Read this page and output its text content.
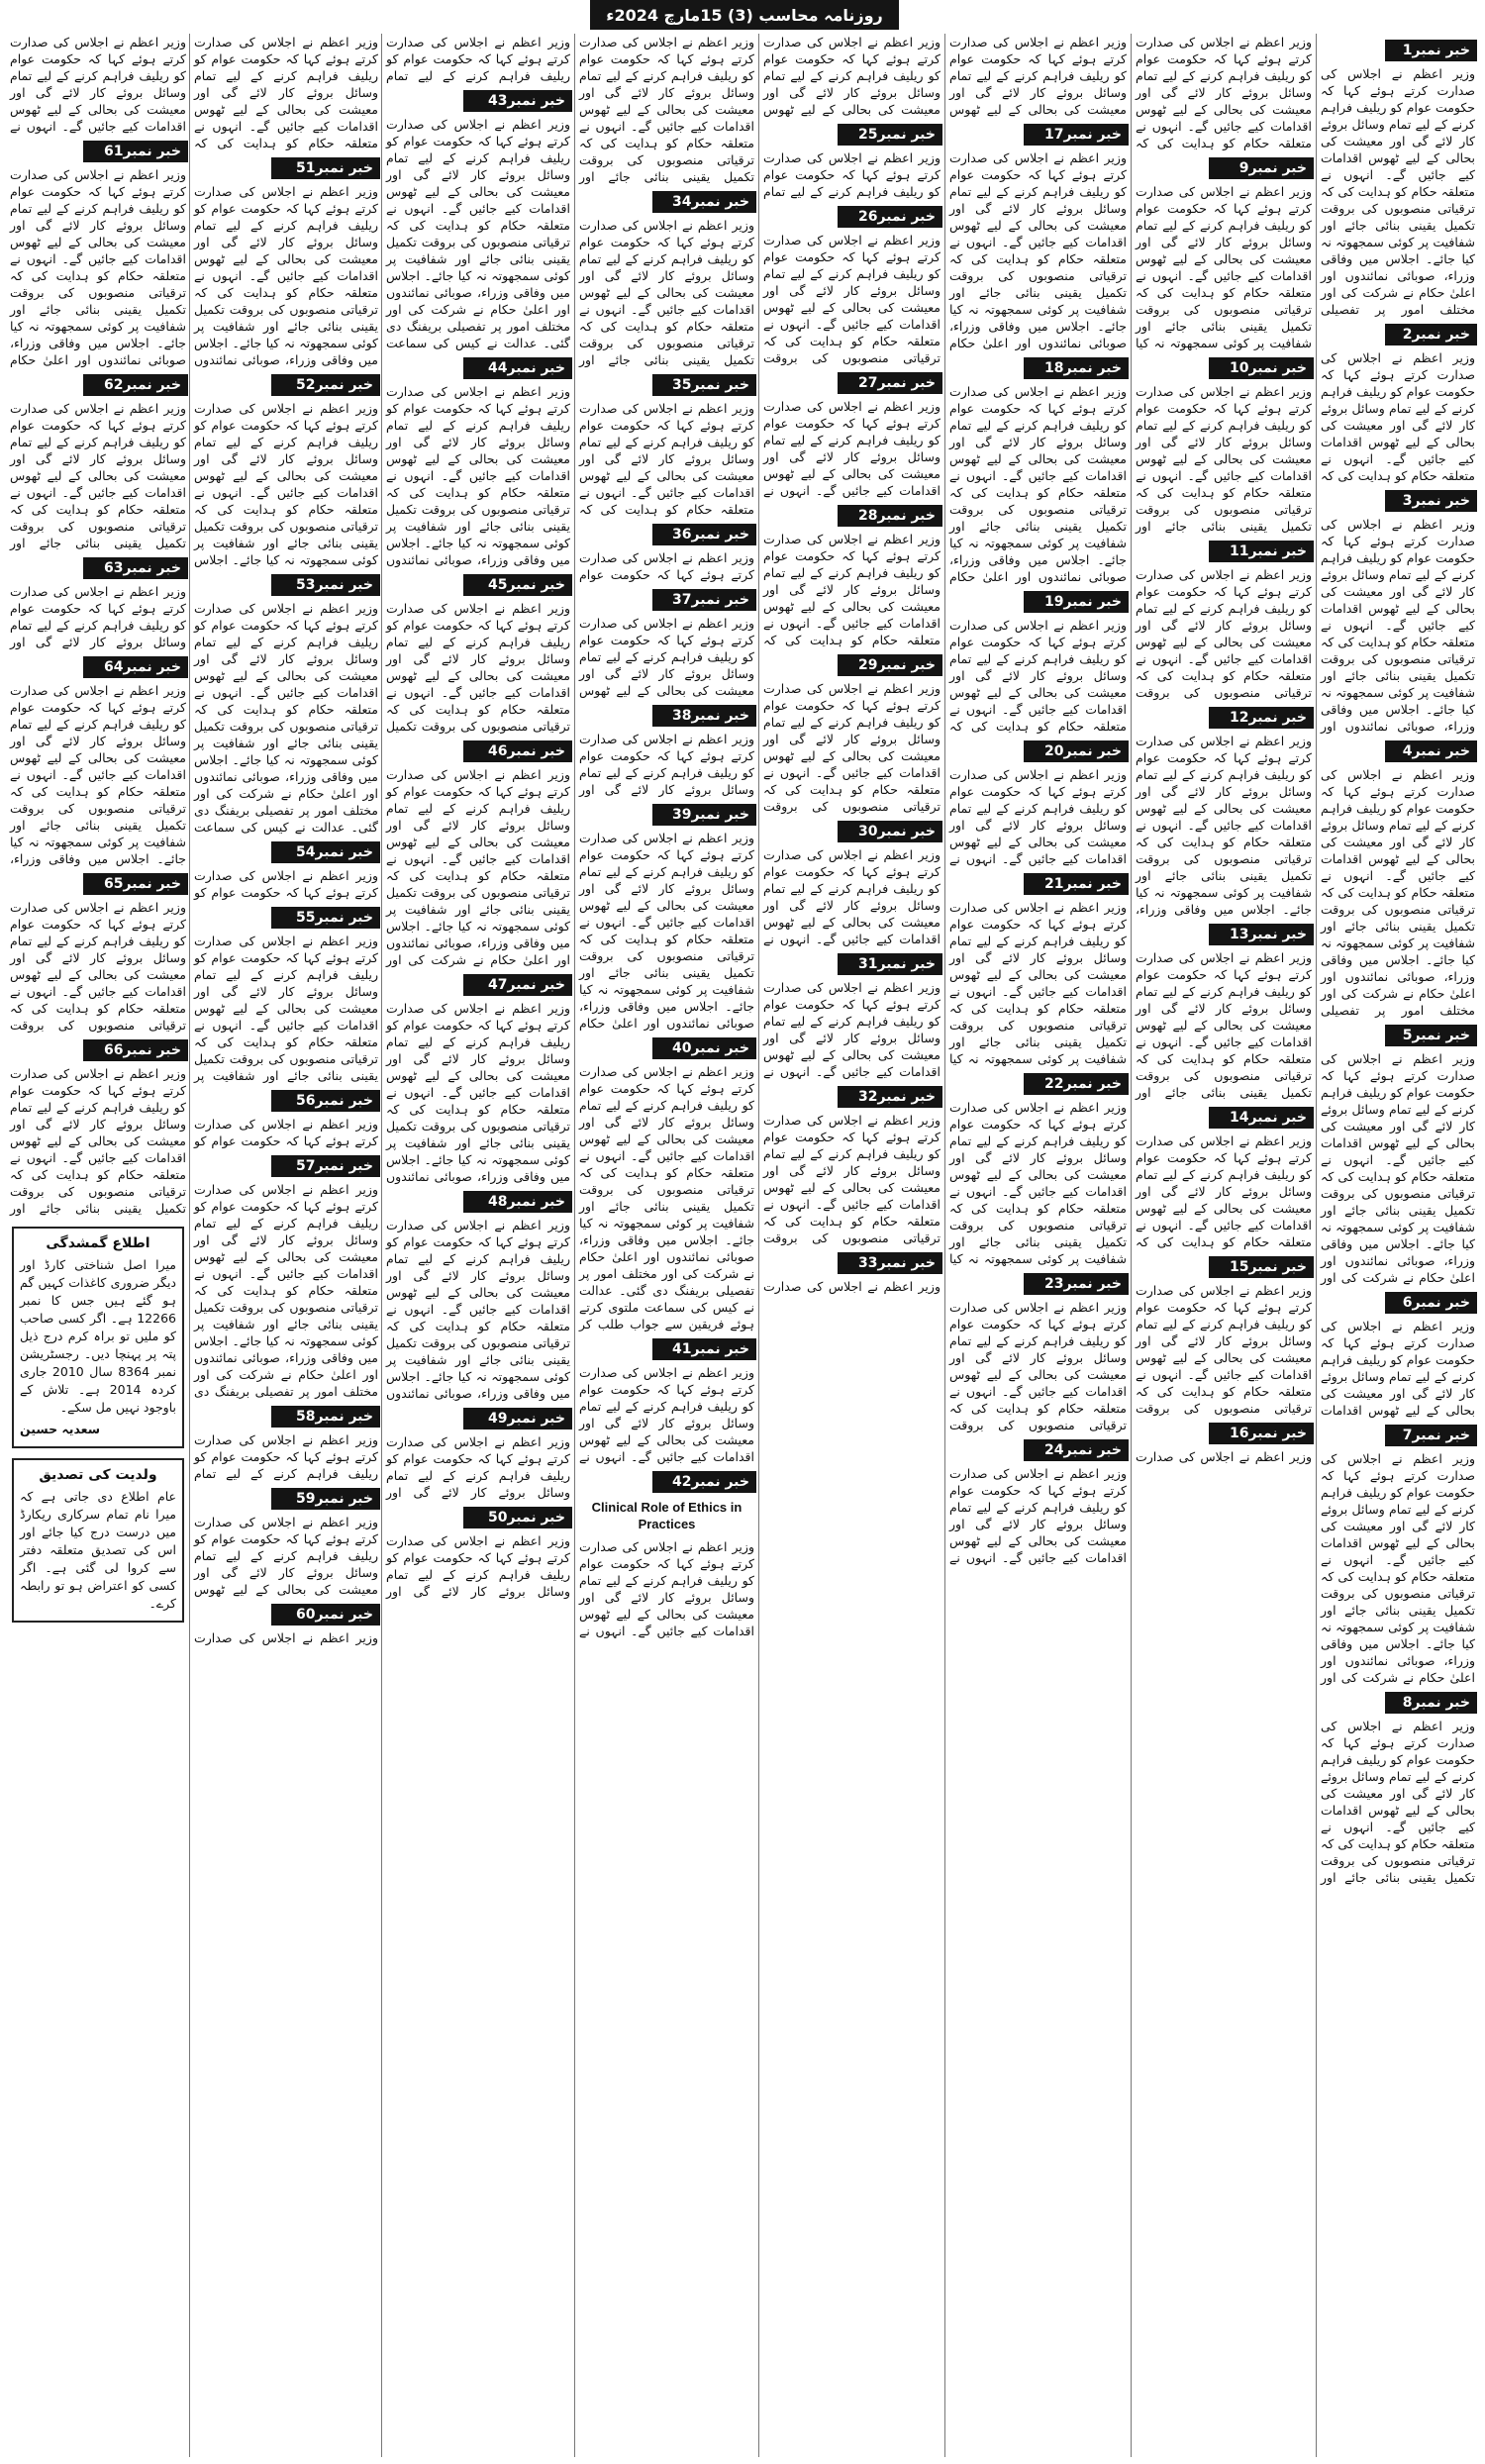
روزنامہ محاسب (3) 15مارچ 2024ء
خبر نمبر1

وزیر اعظم نے اجلاس کی صدارت کرتے ہوئے کہا کہ حکومت عوام کو ریلیف فراہم کرنے کے لیے تمام وسائل بروئے کار لائے گی اور معیشت کی بحالی کے لیے ٹھوس اقدامات کیے جائیں گے۔ انہوں نے متعلقہ حکام کو ہدایت کی کہ ترقیاتی منصوبوں کی بروقت تکمیل یقینی بنائی جائے اور شفافیت پر کوئی سمجھوتہ نہ کیا جائے۔ اجلاس میں وفاقی وزراء، صوبائی نمائندوں اور اعلیٰ حکام نے شرکت کی اور مختلف امور پر تفصیلی

خبر نمبر2

وزیر اعظم نے اجلاس کی صدارت کرتے ہوئے کہا کہ حکومت عوام کو ریلیف فراہم کرنے کے لیے تمام وسائل بروئے کار لائے گی اور معیشت کی بحالی کے لیے ٹھوس اقدامات کیے جائیں گے۔ انہوں نے متعلقہ حکام کو ہدایت کی کہ

خبر نمبر3

وزیر اعظم نے اجلاس کی صدارت کرتے ہوئے کہا کہ حکومت عوام کو ریلیف فراہم کرنے کے لیے تمام وسائل بروئے کار لائے گی اور معیشت کی بحالی کے لیے ٹھوس اقدامات کیے جائیں گے۔ انہوں نے متعلقہ حکام کو ہدایت کی کہ ترقیاتی منصوبوں کی بروقت تکمیل یقینی بنائی جائے اور شفافیت پر کوئی سمجھوتہ نہ کیا جائے۔ اجلاس میں وفاقی وزراء، صوبائی نمائندوں اور

خبر نمبر4

وزیر اعظم نے اجلاس کی صدارت کرتے ہوئے کہا کہ حکومت عوام کو ریلیف فراہم کرنے کے لیے تمام وسائل بروئے کار لائے گی اور معیشت کی بحالی کے لیے ٹھوس اقدامات کیے جائیں گے۔ انہوں نے متعلقہ حکام کو ہدایت کی کہ ترقیاتی منصوبوں کی بروقت تکمیل یقینی بنائی جائے اور شفافیت پر کوئی سمجھوتہ نہ کیا جائے۔ اجلاس میں وفاقی وزراء، صوبائی نمائندوں اور اعلیٰ حکام نے شرکت کی اور مختلف امور پر تفصیلی

خبر نمبر5

وزیر اعظم نے اجلاس کی صدارت کرتے ہوئے کہا کہ حکومت عوام کو ریلیف فراہم کرنے کے لیے تمام وسائل بروئے کار لائے گی اور معیشت کی بحالی کے لیے ٹھوس اقدامات کیے جائیں گے۔ انہوں نے متعلقہ حکام کو ہدایت کی کہ ترقیاتی منصوبوں کی بروقت تکمیل یقینی بنائی جائے اور شفافیت پر کوئی سمجھوتہ نہ کیا جائے۔ اجلاس میں وفاقی وزراء، صوبائی نمائندوں اور اعلیٰ حکام نے شرکت کی اور

خبر نمبر6

وزیر اعظم نے اجلاس کی صدارت کرتے ہوئے کہا کہ حکومت عوام کو ریلیف فراہم کرنے کے لیے تمام وسائل بروئے کار لائے گی اور معیشت کی بحالی کے لیے ٹھوس اقدامات

خبر نمبر7

وزیر اعظم نے اجلاس کی صدارت کرتے ہوئے کہا کہ حکومت عوام کو ریلیف فراہم کرنے کے لیے تمام وسائل بروئے کار لائے گی اور معیشت کی بحالی کے لیے ٹھوس اقدامات کیے جائیں گے۔ انہوں نے متعلقہ حکام کو ہدایت کی کہ ترقیاتی منصوبوں کی بروقت تکمیل یقینی بنائی جائے اور شفافیت پر کوئی سمجھوتہ نہ کیا جائے۔ اجلاس میں وفاقی وزراء، صوبائی نمائندوں اور اعلیٰ حکام نے شرکت کی اور

خبر نمبر8

وزیر اعظم نے اجلاس کی صدارت کرتے ہوئے کہا کہ حکومت عوام کو ریلیف فراہم کرنے کے لیے تمام وسائل بروئے کار لائے گی اور معیشت کی بحالی کے لیے ٹھوس اقدامات کیے جائیں گے۔ انہوں نے متعلقہ حکام کو ہدایت کی کہ ترقیاتی منصوبوں کی بروقت تکمیل یقینی بنائی جائے اور

وزیر اعظم نے اجلاس کی صدارت کرتے ہوئے کہا کہ حکومت عوام کو ریلیف فراہم کرنے کے لیے تمام وسائل بروئے کار لائے گی اور معیشت کی بحالی کے لیے ٹھوس اقدامات کیے جائیں گے۔ انہوں نے متعلقہ حکام کو ہدایت کی کہ

خبر نمبر9

وزیر اعظم نے اجلاس کی صدارت کرتے ہوئے کہا کہ حکومت عوام کو ریلیف فراہم کرنے کے لیے تمام وسائل بروئے کار لائے گی اور معیشت کی بحالی کے لیے ٹھوس اقدامات کیے جائیں گے۔ انہوں نے متعلقہ حکام کو ہدایت کی کہ ترقیاتی منصوبوں کی بروقت تکمیل یقینی بنائی جائے اور شفافیت پر کوئی سمجھوتہ نہ کیا

خبر نمبر10

وزیر اعظم نے اجلاس کی صدارت کرتے ہوئے کہا کہ حکومت عوام کو ریلیف فراہم کرنے کے لیے تمام وسائل بروئے کار لائے گی اور معیشت کی بحالی کے لیے ٹھوس اقدامات کیے جائیں گے۔ انہوں نے متعلقہ حکام کو ہدایت کی کہ ترقیاتی منصوبوں کی بروقت تکمیل یقینی بنائی جائے اور

خبر نمبر11

وزیر اعظم نے اجلاس کی صدارت کرتے ہوئے کہا کہ حکومت عوام کو ریلیف فراہم کرنے کے لیے تمام وسائل بروئے کار لائے گی اور معیشت کی بحالی کے لیے ٹھوس اقدامات کیے جائیں گے۔ انہوں نے متعلقہ حکام کو ہدایت کی کہ ترقیاتی منصوبوں کی بروقت

خبر نمبر12

وزیر اعظم نے اجلاس کی صدارت کرتے ہوئے کہا کہ حکومت عوام کو ریلیف فراہم کرنے کے لیے تمام وسائل بروئے کار لائے گی اور معیشت کی بحالی کے لیے ٹھوس اقدامات کیے جائیں گے۔ انہوں نے متعلقہ حکام کو ہدایت کی کہ ترقیاتی منصوبوں کی بروقت تکمیل یقینی بنائی جائے اور شفافیت پر کوئی سمجھوتہ نہ کیا جائے۔ اجلاس میں وفاقی وزراء،

خبر نمبر13

وزیر اعظم نے اجلاس کی صدارت کرتے ہوئے کہا کہ حکومت عوام کو ریلیف فراہم کرنے کے لیے تمام وسائل بروئے کار لائے گی اور معیشت کی بحالی کے لیے ٹھوس اقدامات کیے جائیں گے۔ انہوں نے متعلقہ حکام کو ہدایت کی کہ ترقیاتی منصوبوں کی بروقت تکمیل یقینی بنائی جائے اور

خبر نمبر14

وزیر اعظم نے اجلاس کی صدارت کرتے ہوئے کہا کہ حکومت عوام کو ریلیف فراہم کرنے کے لیے تمام وسائل بروئے کار لائے گی اور معیشت کی بحالی کے لیے ٹھوس اقدامات کیے جائیں گے۔ انہوں نے متعلقہ حکام کو ہدایت کی کہ

خبر نمبر15

وزیر اعظم نے اجلاس کی صدارت کرتے ہوئے کہا کہ حکومت عوام کو ریلیف فراہم کرنے کے لیے تمام وسائل بروئے کار لائے گی اور معیشت کی بحالی کے لیے ٹھوس اقدامات کیے جائیں گے۔ انہوں نے متعلقہ حکام کو ہدایت کی کہ ترقیاتی منصوبوں کی بروقت

خبر نمبر16

وزیر اعظم نے اجلاس کی صدارت

وزیر اعظم نے اجلاس کی صدارت کرتے ہوئے کہا کہ حکومت عوام کو ریلیف فراہم کرنے کے لیے تمام وسائل بروئے کار لائے گی اور معیشت کی بحالی کے لیے ٹھوس

خبر نمبر17

وزیر اعظم نے اجلاس کی صدارت کرتے ہوئے کہا کہ حکومت عوام کو ریلیف فراہم کرنے کے لیے تمام وسائل بروئے کار لائے گی اور معیشت کی بحالی کے لیے ٹھوس اقدامات کیے جائیں گے۔ انہوں نے متعلقہ حکام کو ہدایت کی کہ ترقیاتی منصوبوں کی بروقت تکمیل یقینی بنائی جائے اور شفافیت پر کوئی سمجھوتہ نہ کیا جائے۔ اجلاس میں وفاقی وزراء، صوبائی نمائندوں اور اعلیٰ حکام

خبر نمبر18

وزیر اعظم نے اجلاس کی صدارت کرتے ہوئے کہا کہ حکومت عوام کو ریلیف فراہم کرنے کے لیے تمام وسائل بروئے کار لائے گی اور معیشت کی بحالی کے لیے ٹھوس اقدامات کیے جائیں گے۔ انہوں نے متعلقہ حکام کو ہدایت کی کہ ترقیاتی منصوبوں کی بروقت تکمیل یقینی بنائی جائے اور شفافیت پر کوئی سمجھوتہ نہ کیا جائے۔ اجلاس میں وفاقی وزراء، صوبائی نمائندوں اور اعلیٰ حکام

خبر نمبر19

وزیر اعظم نے اجلاس کی صدارت کرتے ہوئے کہا کہ حکومت عوام کو ریلیف فراہم کرنے کے لیے تمام وسائل بروئے کار لائے گی اور معیشت کی بحالی کے لیے ٹھوس اقدامات کیے جائیں گے۔ انہوں نے متعلقہ حکام کو ہدایت کی کہ

خبر نمبر20

وزیر اعظم نے اجلاس کی صدارت کرتے ہوئے کہا کہ حکومت عوام کو ریلیف فراہم کرنے کے لیے تمام وسائل بروئے کار لائے گی اور معیشت کی بحالی کے لیے ٹھوس اقدامات کیے جائیں گے۔ انہوں نے

خبر نمبر21

وزیر اعظم نے اجلاس کی صدارت کرتے ہوئے کہا کہ حکومت عوام کو ریلیف فراہم کرنے کے لیے تمام وسائل بروئے کار لائے گی اور معیشت کی بحالی کے لیے ٹھوس اقدامات کیے جائیں گے۔ انہوں نے متعلقہ حکام کو ہدایت کی کہ ترقیاتی منصوبوں کی بروقت تکمیل یقینی بنائی جائے اور شفافیت پر کوئی سمجھوتہ نہ کیا

خبر نمبر22

وزیر اعظم نے اجلاس کی صدارت کرتے ہوئے کہا کہ حکومت عوام کو ریلیف فراہم کرنے کے لیے تمام وسائل بروئے کار لائے گی اور معیشت کی بحالی کے لیے ٹھوس اقدامات کیے جائیں گے۔ انہوں نے متعلقہ حکام کو ہدایت کی کہ ترقیاتی منصوبوں کی بروقت تکمیل یقینی بنائی جائے اور شفافیت پر کوئی سمجھوتہ نہ کیا

خبر نمبر23

وزیر اعظم نے اجلاس کی صدارت کرتے ہوئے کہا کہ حکومت عوام کو ریلیف فراہم کرنے کے لیے تمام وسائل بروئے کار لائے گی اور معیشت کی بحالی کے لیے ٹھوس اقدامات کیے جائیں گے۔ انہوں نے متعلقہ حکام کو ہدایت کی کہ ترقیاتی منصوبوں کی بروقت

خبر نمبر24

وزیر اعظم نے اجلاس کی صدارت کرتے ہوئے کہا کہ حکومت عوام کو ریلیف فراہم کرنے کے لیے تمام وسائل بروئے کار لائے گی اور معیشت کی بحالی کے لیے ٹھوس اقدامات کیے جائیں گے۔ انہوں نے

وزیر اعظم نے اجلاس کی صدارت کرتے ہوئے کہا کہ حکومت عوام کو ریلیف فراہم کرنے کے لیے تمام وسائل بروئے کار لائے گی اور معیشت کی بحالی کے لیے ٹھوس

خبر نمبر25

وزیر اعظم نے اجلاس کی صدارت کرتے ہوئے کہا کہ حکومت عوام کو ریلیف فراہم کرنے کے لیے تمام

خبر نمبر26

وزیر اعظم نے اجلاس کی صدارت کرتے ہوئے کہا کہ حکومت عوام کو ریلیف فراہم کرنے کے لیے تمام وسائل بروئے کار لائے گی اور معیشت کی بحالی کے لیے ٹھوس اقدامات کیے جائیں گے۔ انہوں نے متعلقہ حکام کو ہدایت کی کہ ترقیاتی منصوبوں کی بروقت

خبر نمبر27

وزیر اعظم نے اجلاس کی صدارت کرتے ہوئے کہا کہ حکومت عوام کو ریلیف فراہم کرنے کے لیے تمام وسائل بروئے کار لائے گی اور معیشت کی بحالی کے لیے ٹھوس اقدامات کیے جائیں گے۔ انہوں نے

خبر نمبر28

وزیر اعظم نے اجلاس کی صدارت کرتے ہوئے کہا کہ حکومت عوام کو ریلیف فراہم کرنے کے لیے تمام وسائل بروئے کار لائے گی اور معیشت کی بحالی کے لیے ٹھوس اقدامات کیے جائیں گے۔ انہوں نے متعلقہ حکام کو ہدایت کی کہ

خبر نمبر29

وزیر اعظم نے اجلاس کی صدارت کرتے ہوئے کہا کہ حکومت عوام کو ریلیف فراہم کرنے کے لیے تمام وسائل بروئے کار لائے گی اور معیشت کی بحالی کے لیے ٹھوس اقدامات کیے جائیں گے۔ انہوں نے متعلقہ حکام کو ہدایت کی کہ ترقیاتی منصوبوں کی بروقت

خبر نمبر30

وزیر اعظم نے اجلاس کی صدارت کرتے ہوئے کہا کہ حکومت عوام کو ریلیف فراہم کرنے کے لیے تمام وسائل بروئے کار لائے گی اور معیشت کی بحالی کے لیے ٹھوس اقدامات کیے جائیں گے۔ انہوں نے

خبر نمبر31

وزیر اعظم نے اجلاس کی صدارت کرتے ہوئے کہا کہ حکومت عوام کو ریلیف فراہم کرنے کے لیے تمام وسائل بروئے کار لائے گی اور معیشت کی بحالی کے لیے ٹھوس اقدامات کیے جائیں گے۔ انہوں نے

خبر نمبر32

وزیر اعظم نے اجلاس کی صدارت کرتے ہوئے کہا کہ حکومت عوام کو ریلیف فراہم کرنے کے لیے تمام وسائل بروئے کار لائے گی اور معیشت کی بحالی کے لیے ٹھوس اقدامات کیے جائیں گے۔ انہوں نے متعلقہ حکام کو ہدایت کی کہ ترقیاتی منصوبوں کی بروقت

خبر نمبر33

وزیر اعظم نے اجلاس کی صدارت

وزیر اعظم نے اجلاس کی صدارت کرتے ہوئے کہا کہ حکومت عوام کو ریلیف فراہم کرنے کے لیے تمام وسائل بروئے کار لائے گی اور معیشت کی بحالی کے لیے ٹھوس اقدامات کیے جائیں گے۔ انہوں نے متعلقہ حکام کو ہدایت کی کہ ترقیاتی منصوبوں کی بروقت تکمیل یقینی بنائی جائے اور

خبر نمبر34

وزیر اعظم نے اجلاس کی صدارت کرتے ہوئے کہا کہ حکومت عوام کو ریلیف فراہم کرنے کے لیے تمام وسائل بروئے کار لائے گی اور معیشت کی بحالی کے لیے ٹھوس اقدامات کیے جائیں گے۔ انہوں نے متعلقہ حکام کو ہدایت کی کہ ترقیاتی منصوبوں کی بروقت تکمیل یقینی بنائی جائے اور

خبر نمبر35

وزیر اعظم نے اجلاس کی صدارت کرتے ہوئے کہا کہ حکومت عوام کو ریلیف فراہم کرنے کے لیے تمام وسائل بروئے کار لائے گی اور معیشت کی بحالی کے لیے ٹھوس اقدامات کیے جائیں گے۔ انہوں نے متعلقہ حکام کو ہدایت کی کہ

خبر نمبر36

وزیر اعظم نے اجلاس کی صدارت کرتے ہوئے کہا کہ حکومت عوام

خبر نمبر37

وزیر اعظم نے اجلاس کی صدارت کرتے ہوئے کہا کہ حکومت عوام کو ریلیف فراہم کرنے کے لیے تمام وسائل بروئے کار لائے گی اور معیشت کی بحالی کے لیے ٹھوس

خبر نمبر38

وزیر اعظم نے اجلاس کی صدارت کرتے ہوئے کہا کہ حکومت عوام کو ریلیف فراہم کرنے کے لیے تمام وسائل بروئے کار لائے گی اور

خبر نمبر39

وزیر اعظم نے اجلاس کی صدارت کرتے ہوئے کہا کہ حکومت عوام کو ریلیف فراہم کرنے کے لیے تمام وسائل بروئے کار لائے گی اور معیشت کی بحالی کے لیے ٹھوس اقدامات کیے جائیں گے۔ انہوں نے متعلقہ حکام کو ہدایت کی کہ ترقیاتی منصوبوں کی بروقت تکمیل یقینی بنائی جائے اور شفافیت پر کوئی سمجھوتہ نہ کیا جائے۔ اجلاس میں وفاقی وزراء، صوبائی نمائندوں اور اعلیٰ حکام

خبر نمبر40

وزیر اعظم نے اجلاس کی صدارت کرتے ہوئے کہا کہ حکومت عوام کو ریلیف فراہم کرنے کے لیے تمام وسائل بروئے کار لائے گی اور معیشت کی بحالی کے لیے ٹھوس اقدامات کیے جائیں گے۔ انہوں نے متعلقہ حکام کو ہدایت کی کہ ترقیاتی منصوبوں کی بروقت تکمیل یقینی بنائی جائے اور شفافیت پر کوئی سمجھوتہ نہ کیا جائے۔ اجلاس میں وفاقی وزراء، صوبائی نمائندوں اور اعلیٰ حکام نے شرکت کی اور مختلف امور پر تفصیلی بریفنگ دی گئی۔ عدالت نے کیس کی سماعت ملتوی کرتے ہوئے فریقین سے جواب طلب کر

خبر نمبر41

وزیر اعظم نے اجلاس کی صدارت کرتے ہوئے کہا کہ حکومت عوام کو ریلیف فراہم کرنے کے لیے تمام وسائل بروئے کار لائے گی اور معیشت کی بحالی کے لیے ٹھوس اقدامات کیے جائیں گے۔ انہوں نے

خبر نمبر42
Clinical Role of Ethics in Practices

وزیر اعظم نے اجلاس کی صدارت کرتے ہوئے کہا کہ حکومت عوام کو ریلیف فراہم کرنے کے لیے تمام وسائل بروئے کار لائے گی اور معیشت کی بحالی کے لیے ٹھوس اقدامات کیے جائیں گے۔ انہوں نے

وزیر اعظم نے اجلاس کی صدارت کرتے ہوئے کہا کہ حکومت عوام کو ریلیف فراہم کرنے کے لیے تمام

خبر نمبر43

وزیر اعظم نے اجلاس کی صدارت کرتے ہوئے کہا کہ حکومت عوام کو ریلیف فراہم کرنے کے لیے تمام وسائل بروئے کار لائے گی اور معیشت کی بحالی کے لیے ٹھوس اقدامات کیے جائیں گے۔ انہوں نے متعلقہ حکام کو ہدایت کی کہ ترقیاتی منصوبوں کی بروقت تکمیل یقینی بنائی جائے اور شفافیت پر کوئی سمجھوتہ نہ کیا جائے۔ اجلاس میں وفاقی وزراء، صوبائی نمائندوں اور اعلیٰ حکام نے شرکت کی اور مختلف امور پر تفصیلی بریفنگ دی گئی۔ عدالت نے کیس کی سماعت

خبر نمبر44

وزیر اعظم نے اجلاس کی صدارت کرتے ہوئے کہا کہ حکومت عوام کو ریلیف فراہم کرنے کے لیے تمام وسائل بروئے کار لائے گی اور معیشت کی بحالی کے لیے ٹھوس اقدامات کیے جائیں گے۔ انہوں نے متعلقہ حکام کو ہدایت کی کہ ترقیاتی منصوبوں کی بروقت تکمیل یقینی بنائی جائے اور شفافیت پر کوئی سمجھوتہ نہ کیا جائے۔ اجلاس میں وفاقی وزراء، صوبائی نمائندوں

خبر نمبر45

وزیر اعظم نے اجلاس کی صدارت کرتے ہوئے کہا کہ حکومت عوام کو ریلیف فراہم کرنے کے لیے تمام وسائل بروئے کار لائے گی اور معیشت کی بحالی کے لیے ٹھوس اقدامات کیے جائیں گے۔ انہوں نے متعلقہ حکام کو ہدایت کی کہ ترقیاتی منصوبوں کی بروقت تکمیل

خبر نمبر46

وزیر اعظم نے اجلاس کی صدارت کرتے ہوئے کہا کہ حکومت عوام کو ریلیف فراہم کرنے کے لیے تمام وسائل بروئے کار لائے گی اور معیشت کی بحالی کے لیے ٹھوس اقدامات کیے جائیں گے۔ انہوں نے متعلقہ حکام کو ہدایت کی کہ ترقیاتی منصوبوں کی بروقت تکمیل یقینی بنائی جائے اور شفافیت پر کوئی سمجھوتہ نہ کیا جائے۔ اجلاس میں وفاقی وزراء، صوبائی نمائندوں اور اعلیٰ حکام نے شرکت کی اور

خبر نمبر47

وزیر اعظم نے اجلاس کی صدارت کرتے ہوئے کہا کہ حکومت عوام کو ریلیف فراہم کرنے کے لیے تمام وسائل بروئے کار لائے گی اور معیشت کی بحالی کے لیے ٹھوس اقدامات کیے جائیں گے۔ انہوں نے متعلقہ حکام کو ہدایت کی کہ ترقیاتی منصوبوں کی بروقت تکمیل یقینی بنائی جائے اور شفافیت پر کوئی سمجھوتہ نہ کیا جائے۔ اجلاس میں وفاقی وزراء، صوبائی نمائندوں

خبر نمبر48

وزیر اعظم نے اجلاس کی صدارت کرتے ہوئے کہا کہ حکومت عوام کو ریلیف فراہم کرنے کے لیے تمام وسائل بروئے کار لائے گی اور معیشت کی بحالی کے لیے ٹھوس اقدامات کیے جائیں گے۔ انہوں نے متعلقہ حکام کو ہدایت کی کہ ترقیاتی منصوبوں کی بروقت تکمیل یقینی بنائی جائے اور شفافیت پر کوئی سمجھوتہ نہ کیا جائے۔ اجلاس میں وفاقی وزراء، صوبائی نمائندوں

خبر نمبر49

وزیر اعظم نے اجلاس کی صدارت کرتے ہوئے کہا کہ حکومت عوام کو ریلیف فراہم کرنے کے لیے تمام وسائل بروئے کار لائے گی اور

خبر نمبر50

وزیر اعظم نے اجلاس کی صدارت کرتے ہوئے کہا کہ حکومت عوام کو ریلیف فراہم کرنے کے لیے تمام وسائل بروئے کار لائے گی اور

وزیر اعظم نے اجلاس کی صدارت کرتے ہوئے کہا کہ حکومت عوام کو ریلیف فراہم کرنے کے لیے تمام وسائل بروئے کار لائے گی اور معیشت کی بحالی کے لیے ٹھوس اقدامات کیے جائیں گے۔ انہوں نے متعلقہ حکام کو ہدایت کی کہ

خبر نمبر51

وزیر اعظم نے اجلاس کی صدارت کرتے ہوئے کہا کہ حکومت عوام کو ریلیف فراہم کرنے کے لیے تمام وسائل بروئے کار لائے گی اور معیشت کی بحالی کے لیے ٹھوس اقدامات کیے جائیں گے۔ انہوں نے متعلقہ حکام کو ہدایت کی کہ ترقیاتی منصوبوں کی بروقت تکمیل یقینی بنائی جائے اور شفافیت پر کوئی سمجھوتہ نہ کیا جائے۔ اجلاس میں وفاقی وزراء، صوبائی نمائندوں

خبر نمبر52

وزیر اعظم نے اجلاس کی صدارت کرتے ہوئے کہا کہ حکومت عوام کو ریلیف فراہم کرنے کے لیے تمام وسائل بروئے کار لائے گی اور معیشت کی بحالی کے لیے ٹھوس اقدامات کیے جائیں گے۔ انہوں نے متعلقہ حکام کو ہدایت کی کہ ترقیاتی منصوبوں کی بروقت تکمیل یقینی بنائی جائے اور شفافیت پر کوئی سمجھوتہ نہ کیا جائے۔ اجلاس

خبر نمبر53

وزیر اعظم نے اجلاس کی صدارت کرتے ہوئے کہا کہ حکومت عوام کو ریلیف فراہم کرنے کے لیے تمام وسائل بروئے کار لائے گی اور معیشت کی بحالی کے لیے ٹھوس اقدامات کیے جائیں گے۔ انہوں نے متعلقہ حکام کو ہدایت کی کہ ترقیاتی منصوبوں کی بروقت تکمیل یقینی بنائی جائے اور شفافیت پر کوئی سمجھوتہ نہ کیا جائے۔ اجلاس میں وفاقی وزراء، صوبائی نمائندوں اور اعلیٰ حکام نے شرکت کی اور مختلف امور پر تفصیلی بریفنگ دی گئی۔ عدالت نے کیس کی سماعت

خبر نمبر54

وزیر اعظم نے اجلاس کی صدارت کرتے ہوئے کہا کہ حکومت عوام کو

خبر نمبر55

وزیر اعظم نے اجلاس کی صدارت کرتے ہوئے کہا کہ حکومت عوام کو ریلیف فراہم کرنے کے لیے تمام وسائل بروئے کار لائے گی اور معیشت کی بحالی کے لیے ٹھوس اقدامات کیے جائیں گے۔ انہوں نے متعلقہ حکام کو ہدایت کی کہ ترقیاتی منصوبوں کی بروقت تکمیل یقینی بنائی جائے اور شفافیت پر

خبر نمبر56

وزیر اعظم نے اجلاس کی صدارت کرتے ہوئے کہا کہ حکومت عوام کو

خبر نمبر57

وزیر اعظم نے اجلاس کی صدارت کرتے ہوئے کہا کہ حکومت عوام کو ریلیف فراہم کرنے کے لیے تمام وسائل بروئے کار لائے گی اور معیشت کی بحالی کے لیے ٹھوس اقدامات کیے جائیں گے۔ انہوں نے متعلقہ حکام کو ہدایت کی کہ ترقیاتی منصوبوں کی بروقت تکمیل یقینی بنائی جائے اور شفافیت پر کوئی سمجھوتہ نہ کیا جائے۔ اجلاس میں وفاقی وزراء، صوبائی نمائندوں اور اعلیٰ حکام نے شرکت کی اور مختلف امور پر تفصیلی بریفنگ دی

خبر نمبر58

وزیر اعظم نے اجلاس کی صدارت کرتے ہوئے کہا کہ حکومت عوام کو ریلیف فراہم کرنے کے لیے تمام

خبر نمبر59

وزیر اعظم نے اجلاس کی صدارت کرتے ہوئے کہا کہ حکومت عوام کو ریلیف فراہم کرنے کے لیے تمام وسائل بروئے کار لائے گی اور معیشت کی بحالی کے لیے ٹھوس

خبر نمبر60

وزیر اعظم نے اجلاس کی صدارت

وزیر اعظم نے اجلاس کی صدارت کرتے ہوئے کہا کہ حکومت عوام کو ریلیف فراہم کرنے کے لیے تمام وسائل بروئے کار لائے گی اور معیشت کی بحالی کے لیے ٹھوس اقدامات کیے جائیں گے۔ انہوں نے

خبر نمبر61

وزیر اعظم نے اجلاس کی صدارت کرتے ہوئے کہا کہ حکومت عوام کو ریلیف فراہم کرنے کے لیے تمام وسائل بروئے کار لائے گی اور معیشت کی بحالی کے لیے ٹھوس اقدامات کیے جائیں گے۔ انہوں نے متعلقہ حکام کو ہدایت کی کہ ترقیاتی منصوبوں کی بروقت تکمیل یقینی بنائی جائے اور شفافیت پر کوئی سمجھوتہ نہ کیا جائے۔ اجلاس میں وفاقی وزراء، صوبائی نمائندوں اور اعلیٰ حکام

خبر نمبر62

وزیر اعظم نے اجلاس کی صدارت کرتے ہوئے کہا کہ حکومت عوام کو ریلیف فراہم کرنے کے لیے تمام وسائل بروئے کار لائے گی اور معیشت کی بحالی کے لیے ٹھوس اقدامات کیے جائیں گے۔ انہوں نے متعلقہ حکام کو ہدایت کی کہ ترقیاتی منصوبوں کی بروقت تکمیل یقینی بنائی جائے اور

خبر نمبر63

وزیر اعظم نے اجلاس کی صدارت کرتے ہوئے کہا کہ حکومت عوام کو ریلیف فراہم کرنے کے لیے تمام وسائل بروئے کار لائے گی اور

خبر نمبر64

وزیر اعظم نے اجلاس کی صدارت کرتے ہوئے کہا کہ حکومت عوام کو ریلیف فراہم کرنے کے لیے تمام وسائل بروئے کار لائے گی اور معیشت کی بحالی کے لیے ٹھوس اقدامات کیے جائیں گے۔ انہوں نے متعلقہ حکام کو ہدایت کی کہ ترقیاتی منصوبوں کی بروقت تکمیل یقینی بنائی جائے اور شفافیت پر کوئی سمجھوتہ نہ کیا جائے۔ اجلاس میں وفاقی وزراء،

خبر نمبر65

وزیر اعظم نے اجلاس کی صدارت کرتے ہوئے کہا کہ حکومت عوام کو ریلیف فراہم کرنے کے لیے تمام وسائل بروئے کار لائے گی اور معیشت کی بحالی کے لیے ٹھوس اقدامات کیے جائیں گے۔ انہوں نے متعلقہ حکام کو ہدایت کی کہ ترقیاتی منصوبوں کی بروقت

خبر نمبر66

وزیر اعظم نے اجلاس کی صدارت کرتے ہوئے کہا کہ حکومت عوام کو ریلیف فراہم کرنے کے لیے تمام وسائل بروئے کار لائے گی اور معیشت کی بحالی کے لیے ٹھوس اقدامات کیے جائیں گے۔ انہوں نے متعلقہ حکام کو ہدایت کی کہ ترقیاتی منصوبوں کی بروقت تکمیل یقینی بنائی جائے اور

اطلاع گمشدگی
میرا اصل شناختی کارڈ اور دیگر ضروری کاغذات کہیں گم ہو گئے ہیں جس کا نمبر 12266 ہے۔ اگر کسی صاحب کو ملیں تو براہ کرم درج ذیل پتہ پر پہنچا دیں۔ رجسٹریشن نمبر 8364 سال 2010 جاری کردہ 2014 ہے۔ تلاش کے باوجود نہیں مل سکے۔
سعدیہ حسین
ولدیت کی تصدیق
عام اطلاع دی جاتی ہے کہ میرا نام تمام سرکاری ریکارڈ میں درست درج کیا جائے اور اس کی تصدیق متعلقہ دفتر سے کروا لی گئی ہے۔ اگر کسی کو اعتراض ہو تو رابطہ کرے۔
